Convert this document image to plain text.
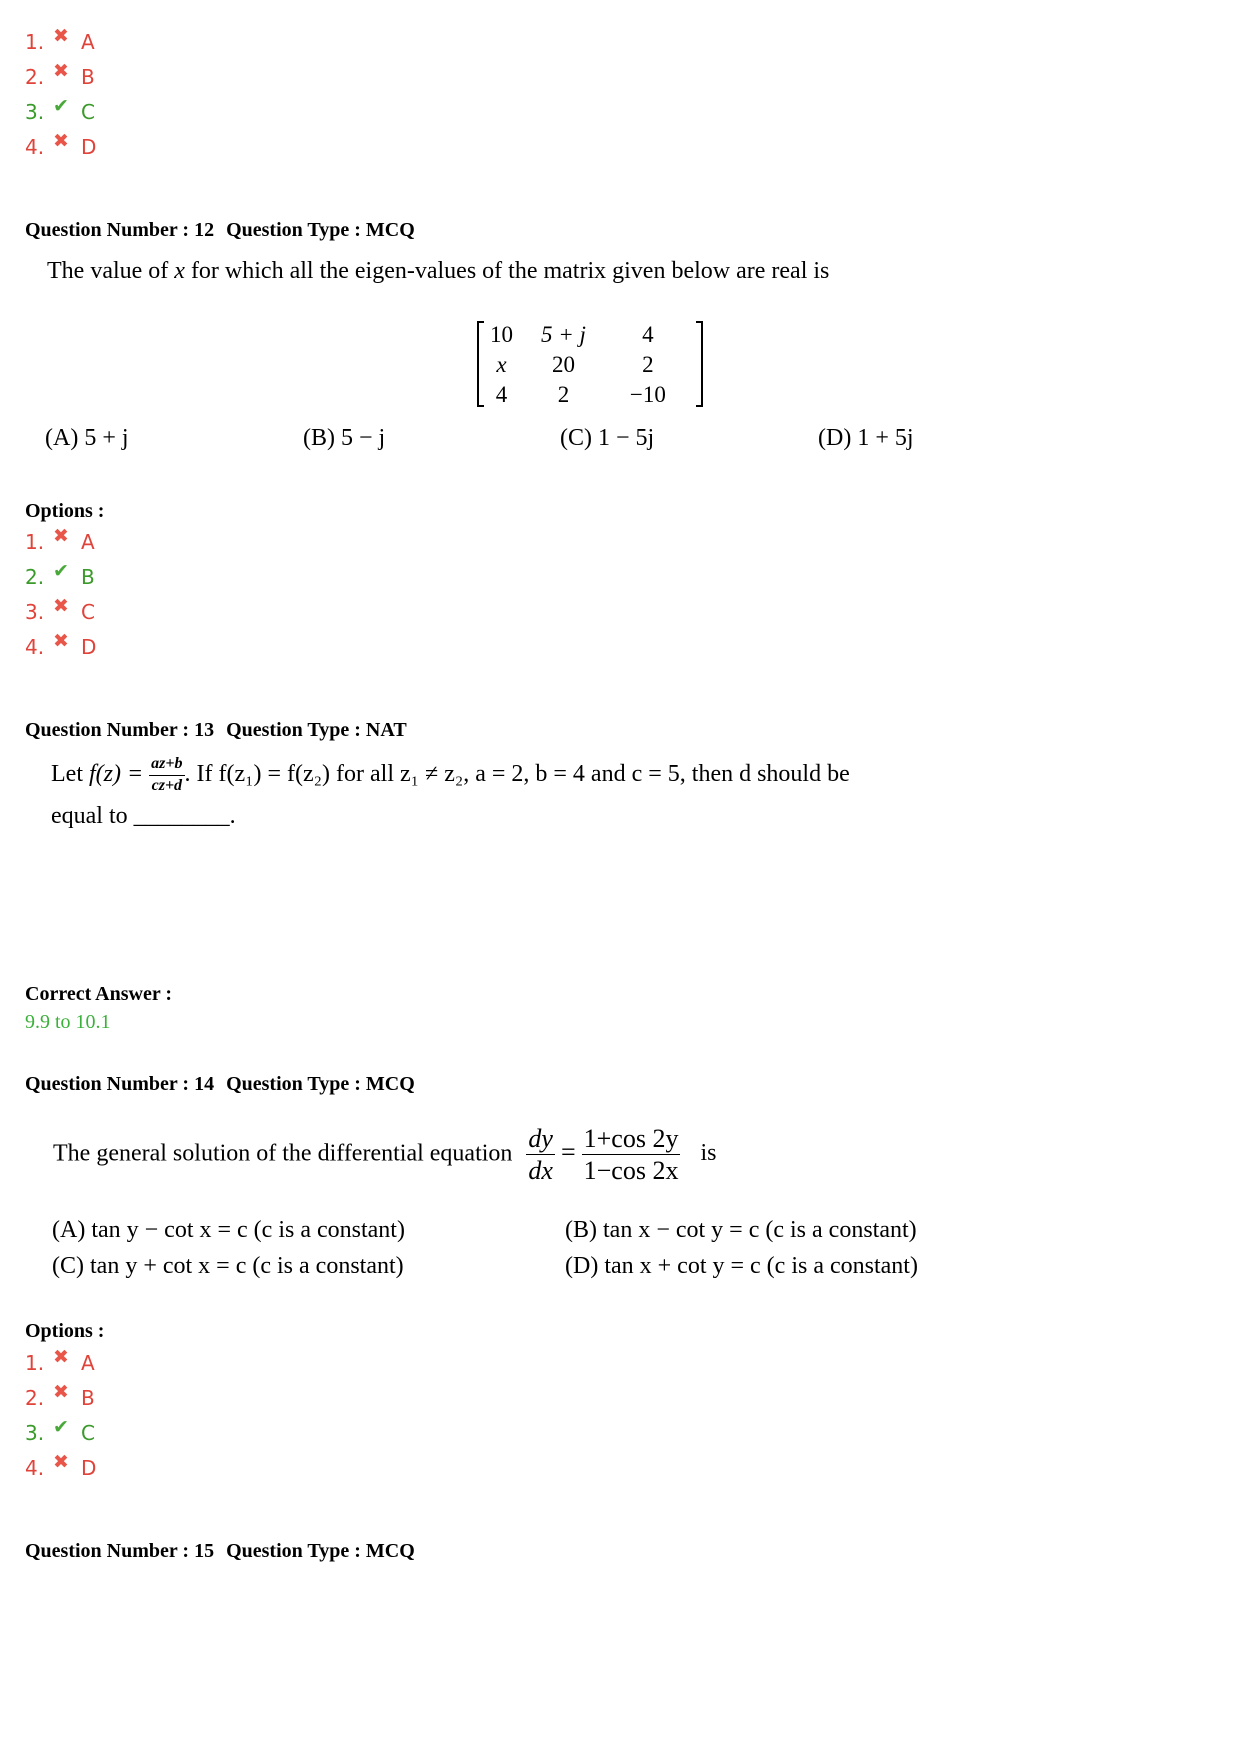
1. ✖ A
2. ✖ B
3. ✔ C
4. ✖ D
Question Number : 12 Question Type : MCQ
The value of x for which all the eigen-values of the matrix given below are real is
10	5 + j	4
x	20	2
4	2	−10
(A) 5 + j	(B) 5 − j	(C) 1 − 5j	(D) 1 + 5j
Options :
1. ✖ A
2. ✔ B
3. ✖ C
4. ✖ D
Question Number : 13 Question Type : NAT
Let $f(z) = \frac{az+b}{cz+d}$ . If f(z₁) = f(z₂) for all z₁ ≠ z₂, a = 2, b = 4 and c = 5, then d should be
equal to ________.
Correct Answer :
9.9 to 10.1
Question Number : 14 Question Type : MCQ
The general solution of the differential equation $\frac{dy}{dx} = \frac{1+\cos 2y}{1-\cos 2x}$ is
(A) tan y − cot x = c (c is a constant)	(B) tan x − cot y = c (c is a constant)
(C) tan y + cot x = c (c is a constant)	(D) tan x + cot y = c (c is a constant)
Options :
1. ✖ A
2. ✖ B
3. ✔ C
4. ✖ D
Question Number : 15 Question Type : MCQ
